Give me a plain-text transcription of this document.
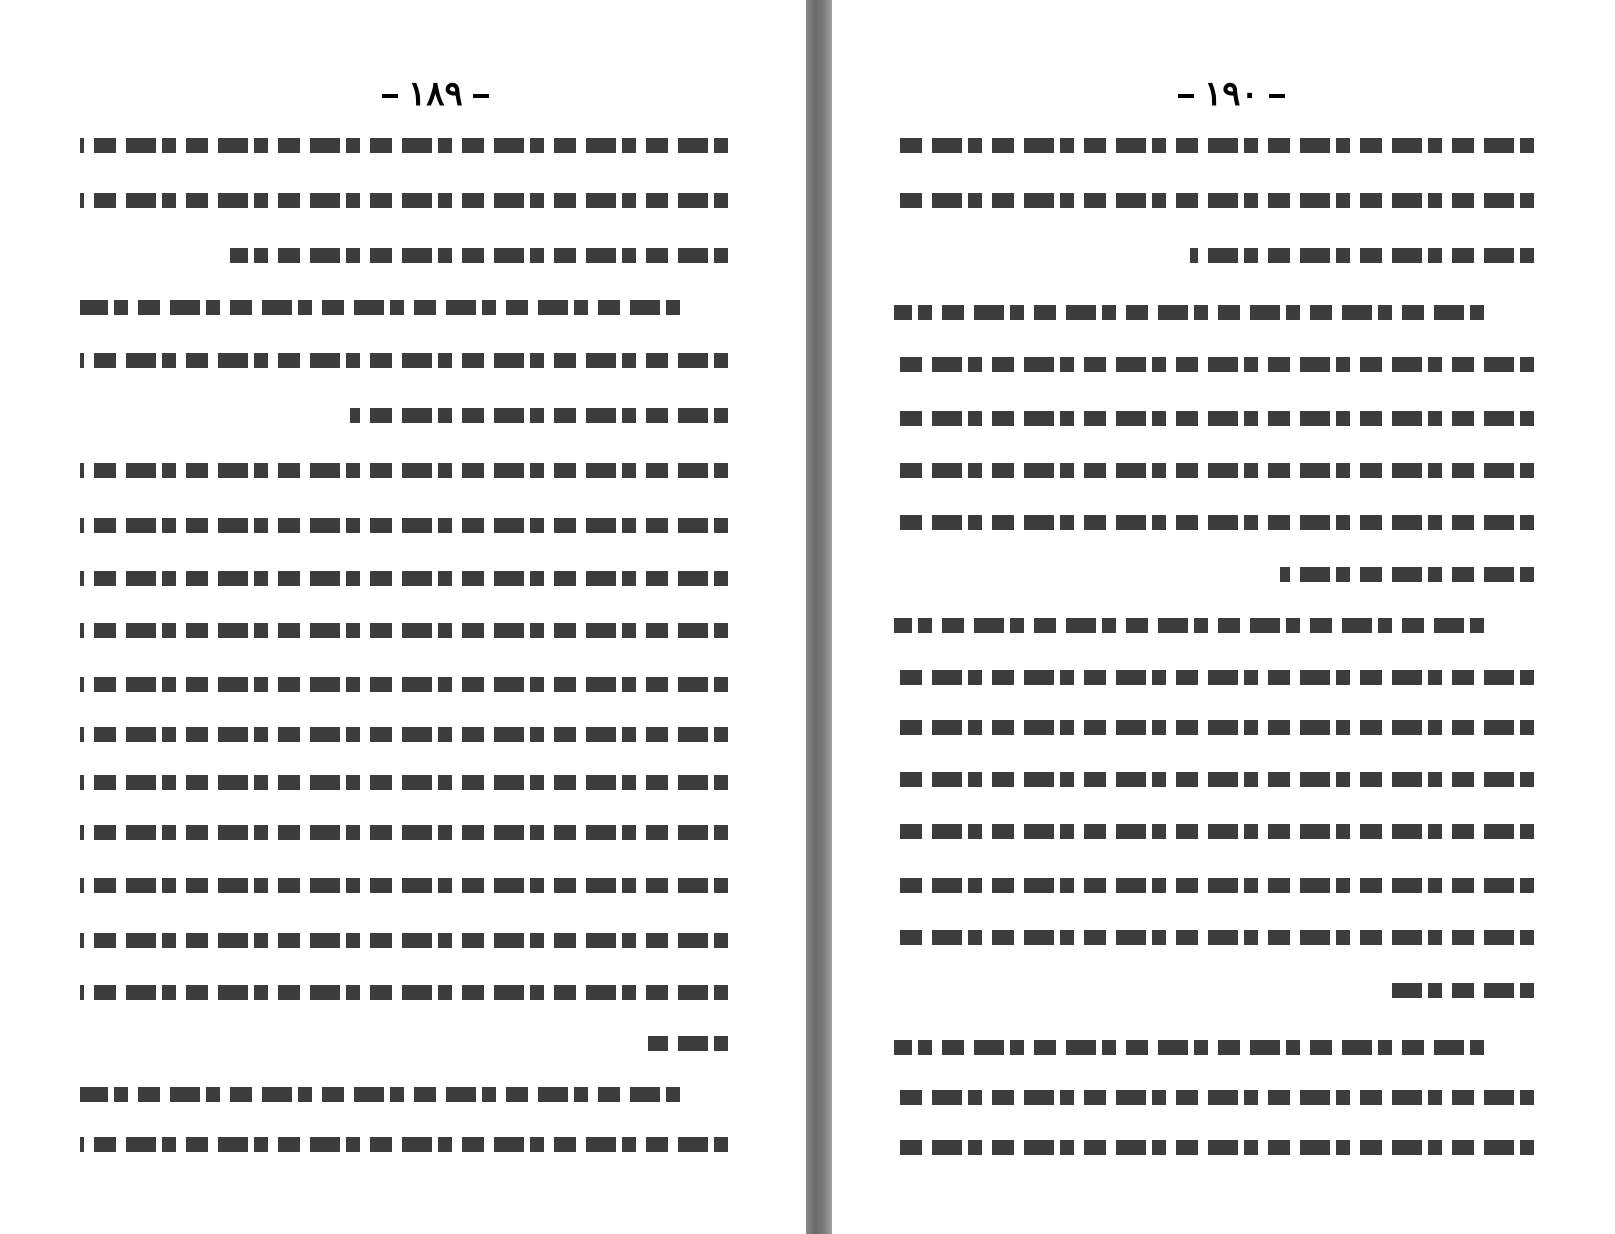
١٨٩	١٩٠
